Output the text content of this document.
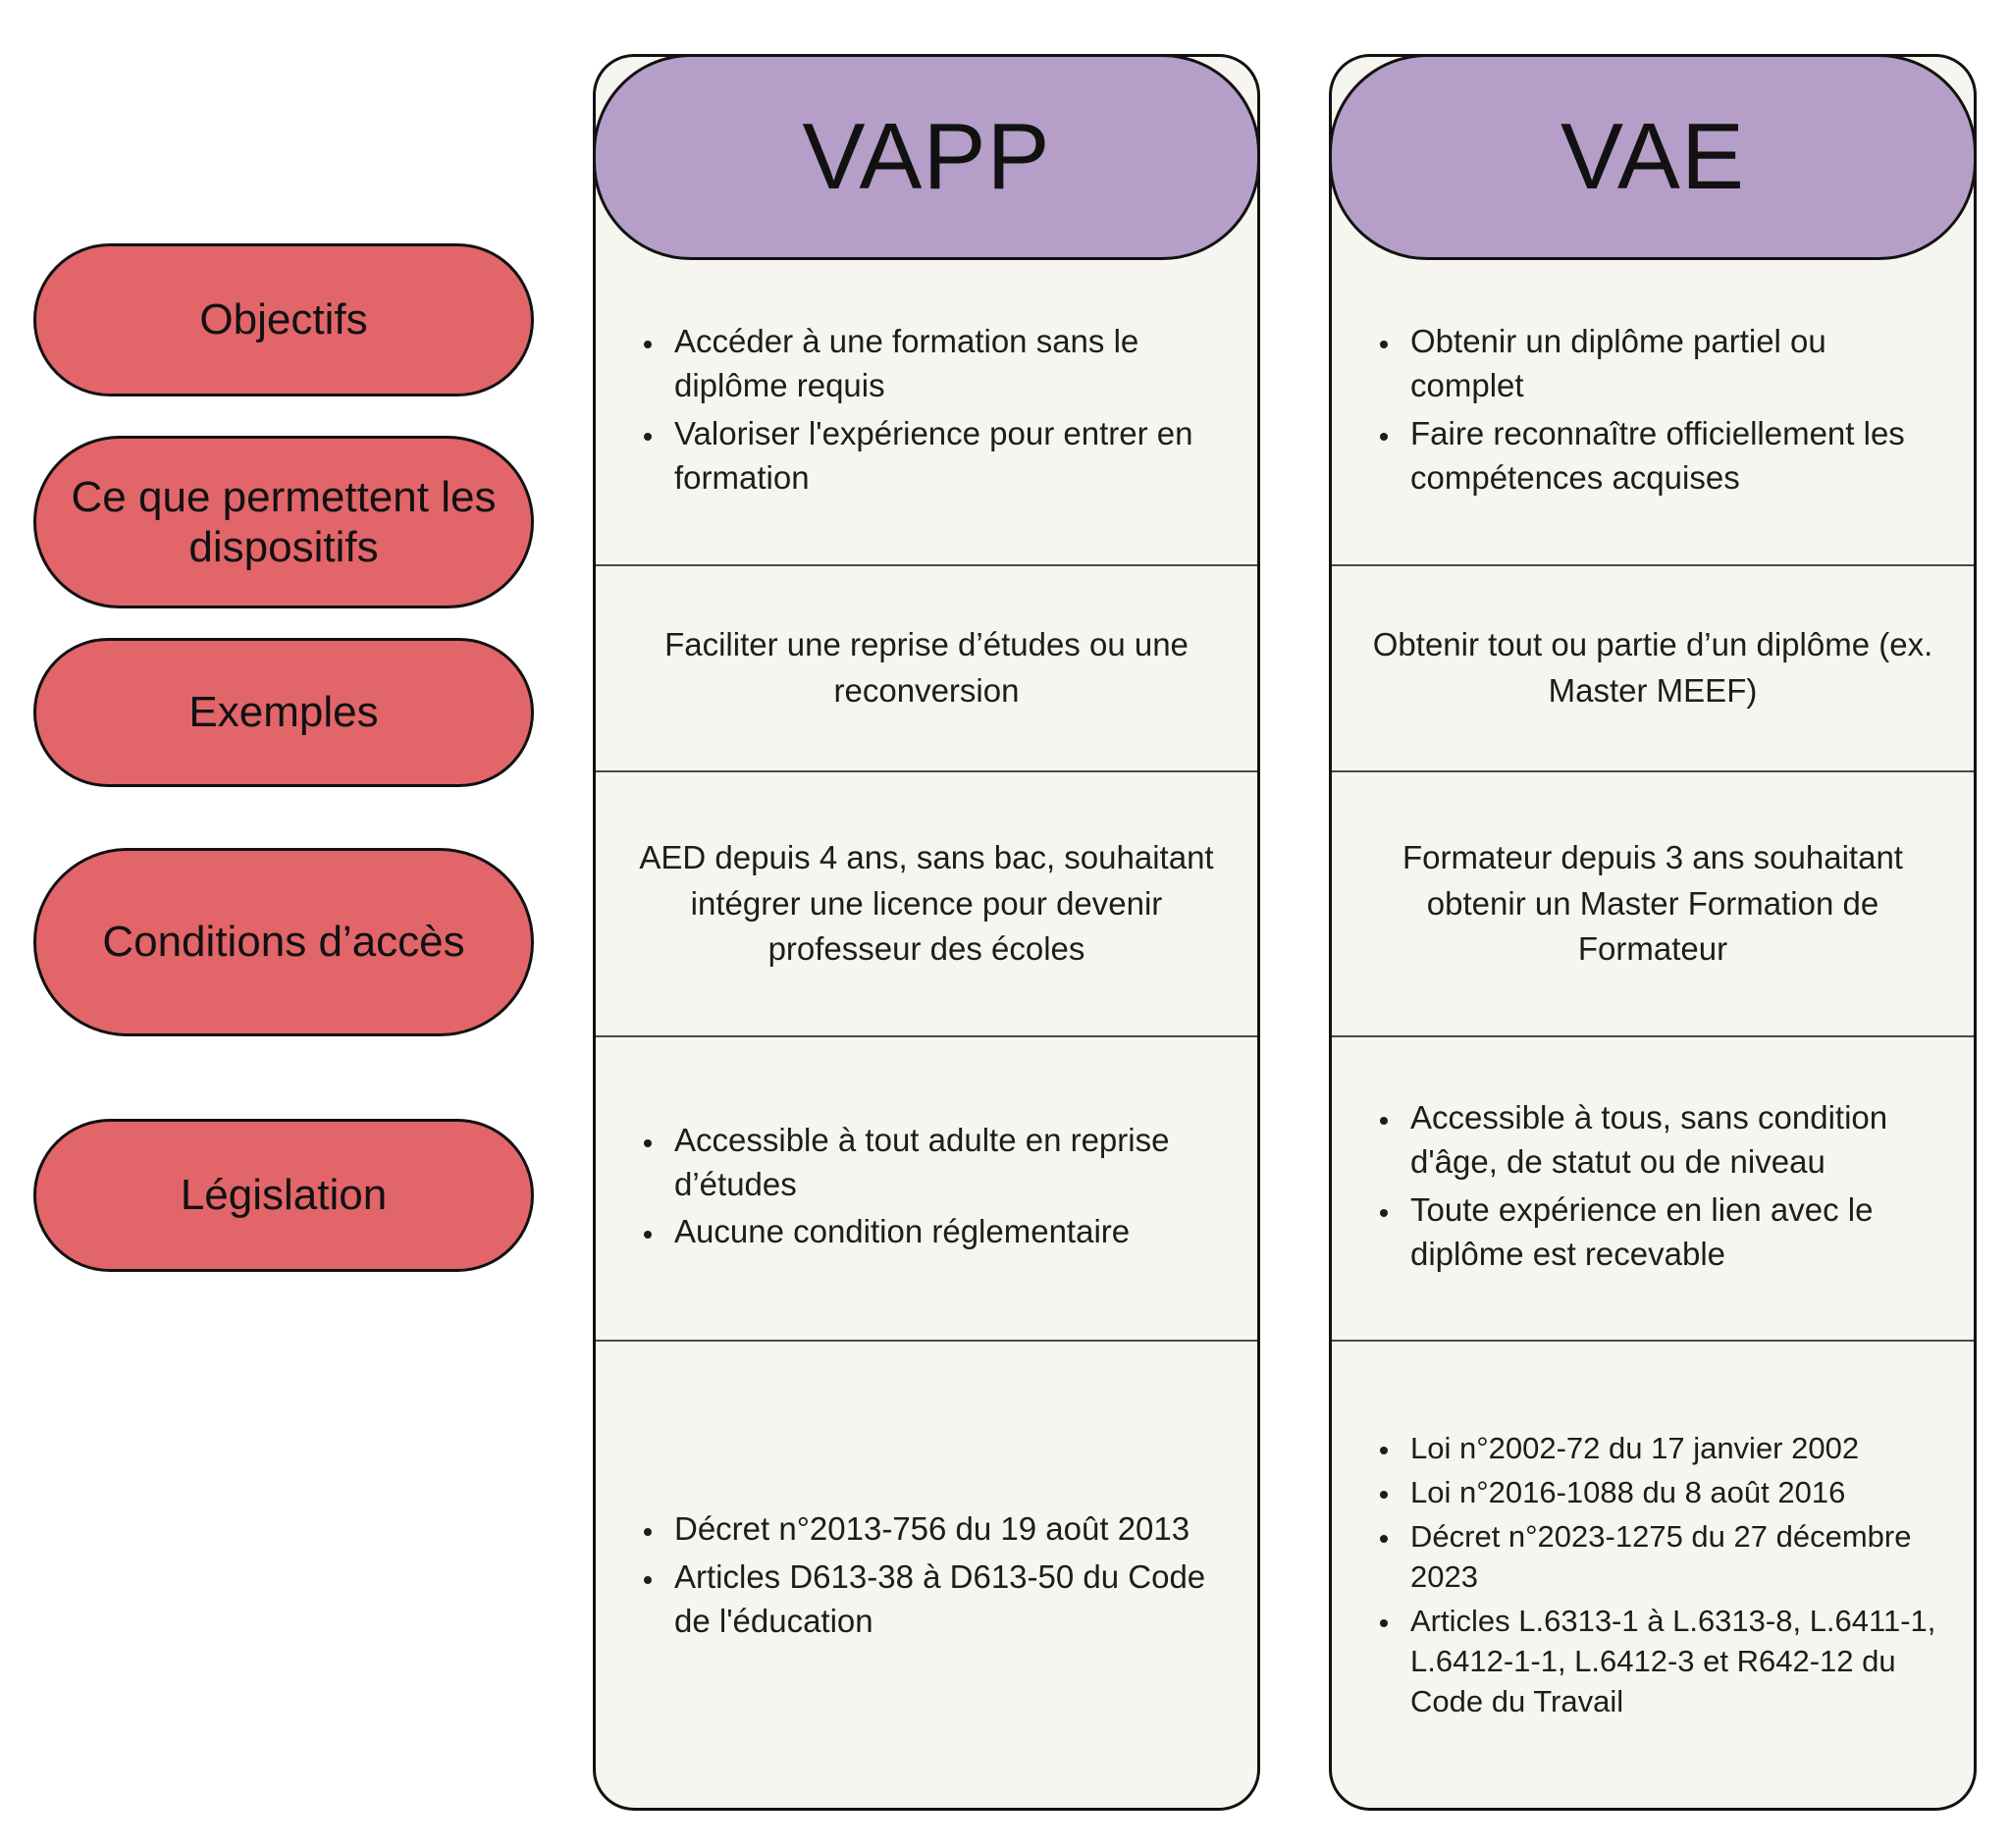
Objectifs
Ce que permettent les dispositifs
Exemples
Conditions d’accès
Législation
VAPP
• Accéder à une formation sans le diplôme requis
• Valoriser l'expérience pour entrer en formation
Faciliter une reprise d’études ou une reconversion
AED depuis 4 ans, sans bac, souhaitant intégrer une licence pour devenir professeur des écoles
• Accessible à tout adulte en reprise d’études
• Aucune condition réglementaire
• Décret n°2013-756 du 19 août 2013
• Articles D613-38 à D613-50 du Code de l'éducation
VAE
• Obtenir un diplôme partiel ou complet
• Faire reconnaître officiellement les compétences acquises
Obtenir tout ou partie d’un diplôme (ex. Master MEEF)
Formateur depuis 3 ans souhaitant obtenir un Master Formation de Formateur
• Accessible à tous, sans condition d'âge, de statut ou de niveau
• Toute expérience en lien avec le diplôme est recevable
• Loi n°2002-72 du 17 janvier 2002
• Loi n°2016-1088 du 8 août 2016
• Décret n°2023-1275 du 27 décembre 2023
• Articles L.6313-1 à L.6313-8, L.6411-1, L.6412-1-1, L.6412-3 et R642-12 du Code du Travail
